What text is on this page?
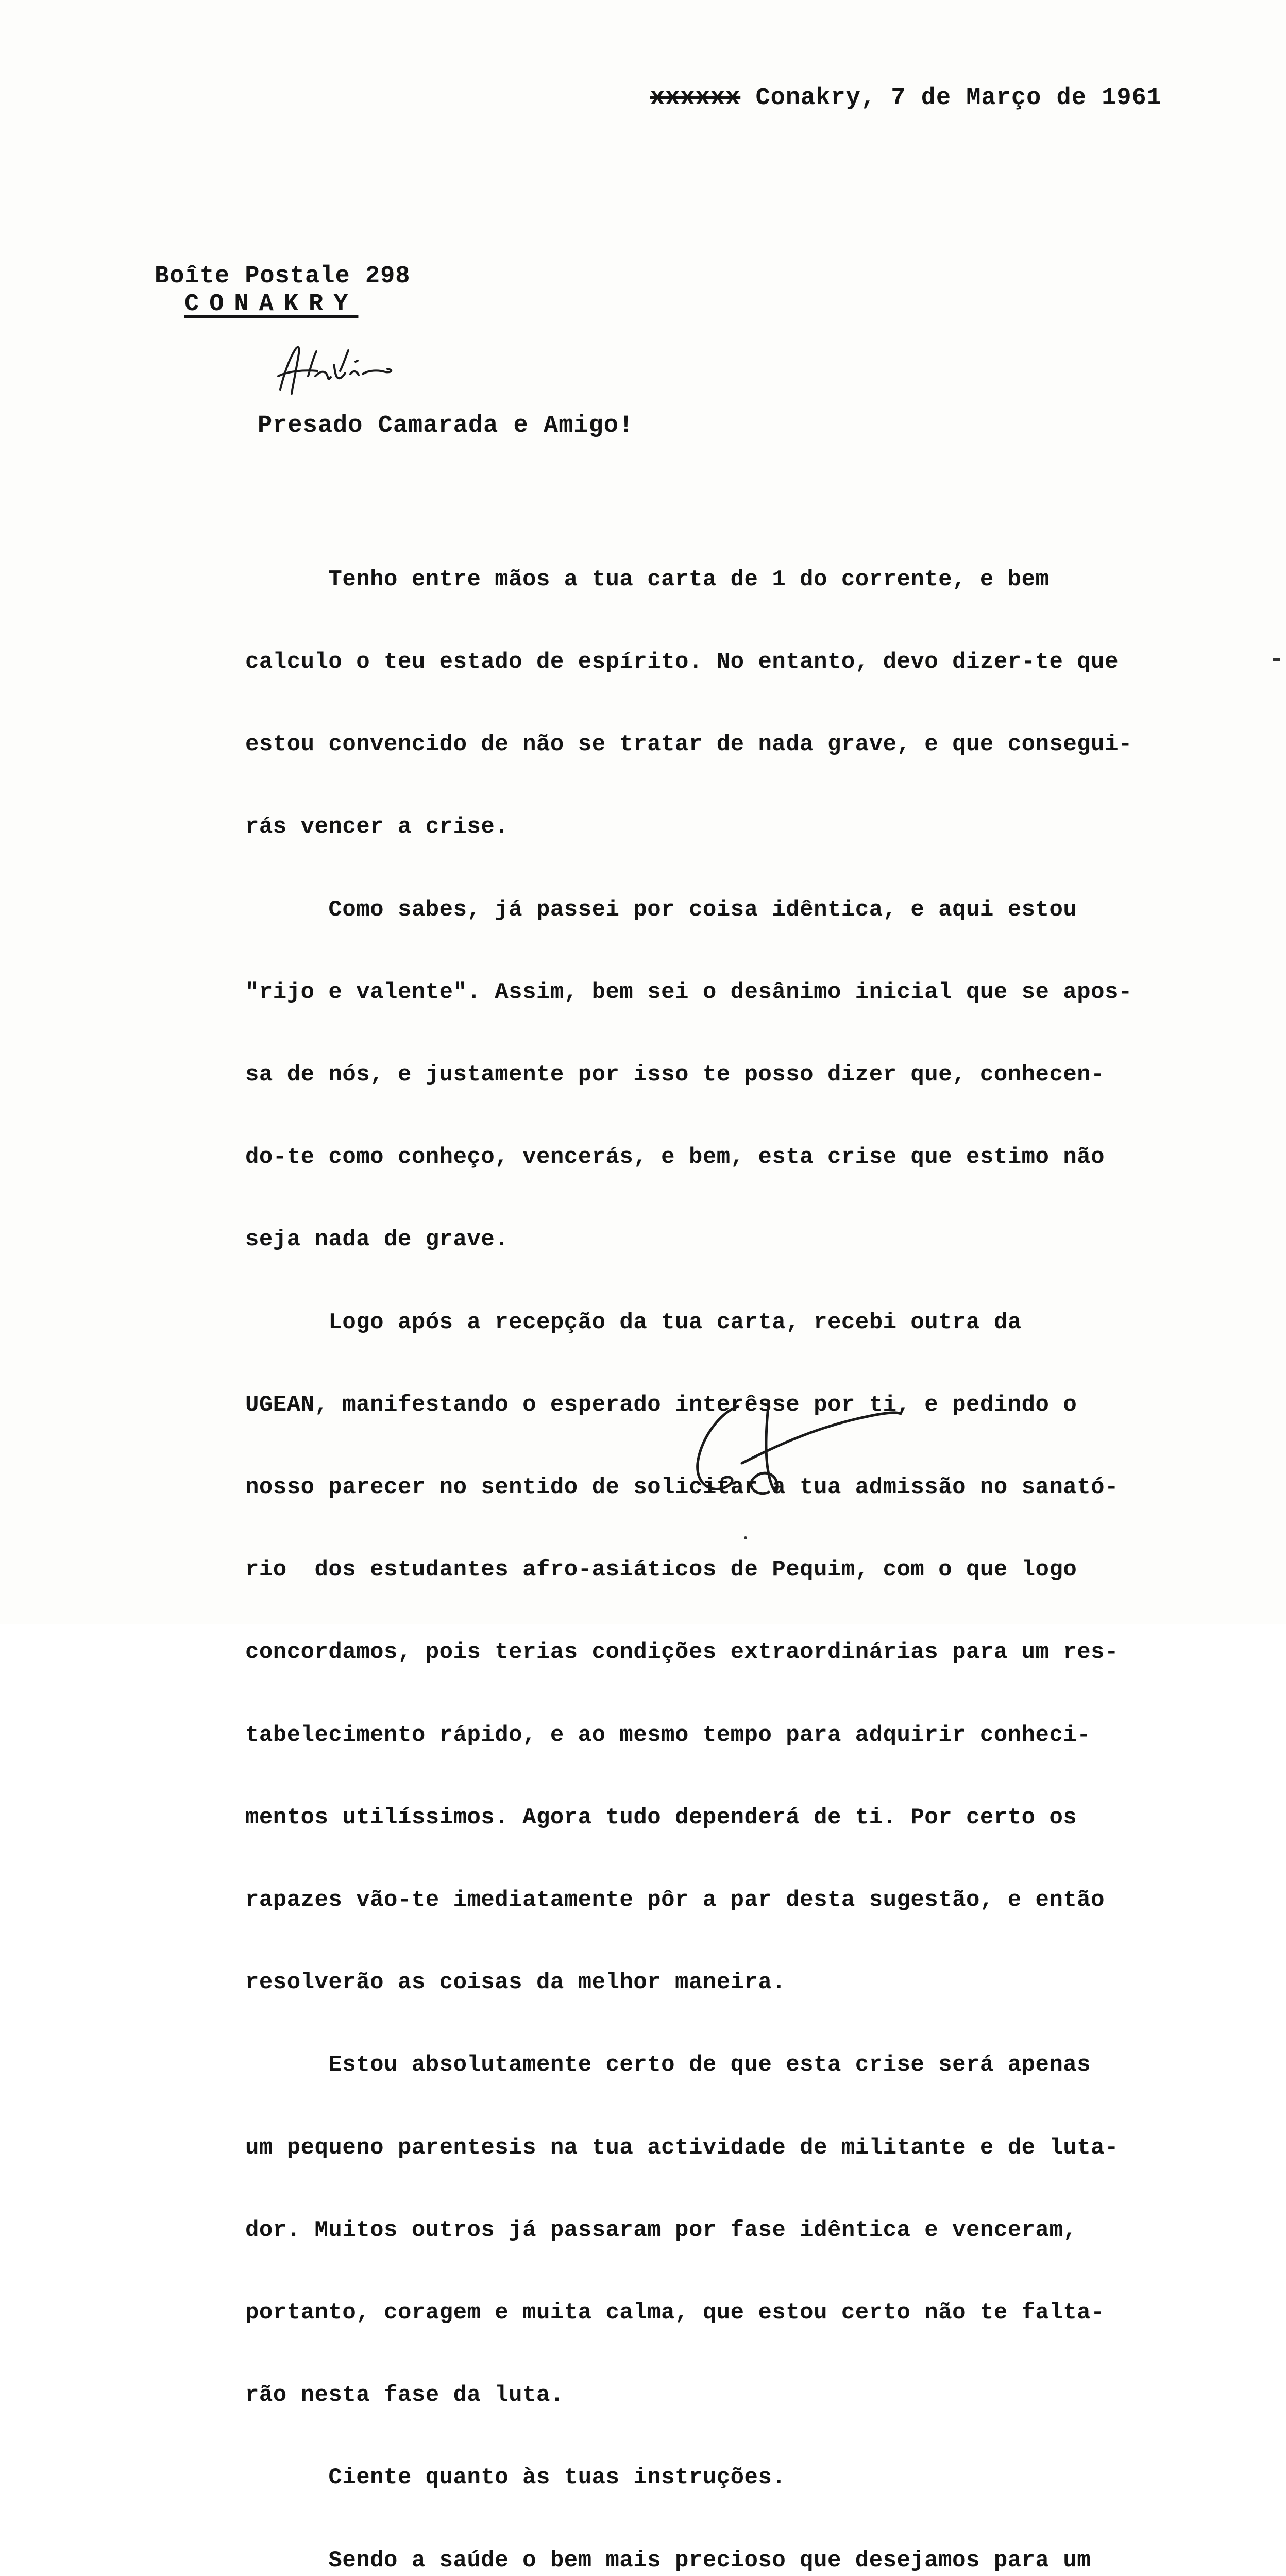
xxxxxx Conakry, 7 de Março de 1961
Boîte Postale 298

CONAKRY
Presado Camarada e Amigo!

Tenho entre mãos a tua carta de 1 do corrente, e bem

calculo o teu estado de espírito. No entanto, devo dizer-te que

estou convencido de não se tratar de nada grave, e que consegui-

rás vencer a crise.

Como sabes, já passei por coisa idêntica, e aqui estou

"rijo e valente". Assim, bem sei o desânimo inicial que se apos-

sa de nós, e justamente por isso te posso dizer que, conhecen-

do-te como conheço, vencerás, e bem, esta crise que estimo não

seja nada de grave.

Logo após a recepção da tua carta, recebi outra da

UGEAN, manifestando o esperado interêsse por ti, e pedindo o

nosso parecer no sentido de solicitar a tua admissão no sanató-

rio  dos estudantes afro-asiáticos de Pequim, com o que logo

concordamos, pois terias condições extraordinárias para um res-

tabelecimento rápido, e ao mesmo tempo para adquirir conheci-

mentos utilíssimos. Agora tudo dependerá de ti. Por certo os

rapazes vão-te imediatamente pôr a par desta sugestão, e então

resolverão as coisas da melhor maneira.

Estou absolutamente certo de que esta crise será apenas

um pequeno parentesis na tua actividade de militante e de luta-

dor. Muitos outros já passaram por fase idêntica e venceram,

portanto, coragem e muita calma, que estou certo não te falta-

rão nesta fase da luta.

Ciente quanto às tuas instruções.

Sendo a saúde o bem mais precioso que desejamos para um
